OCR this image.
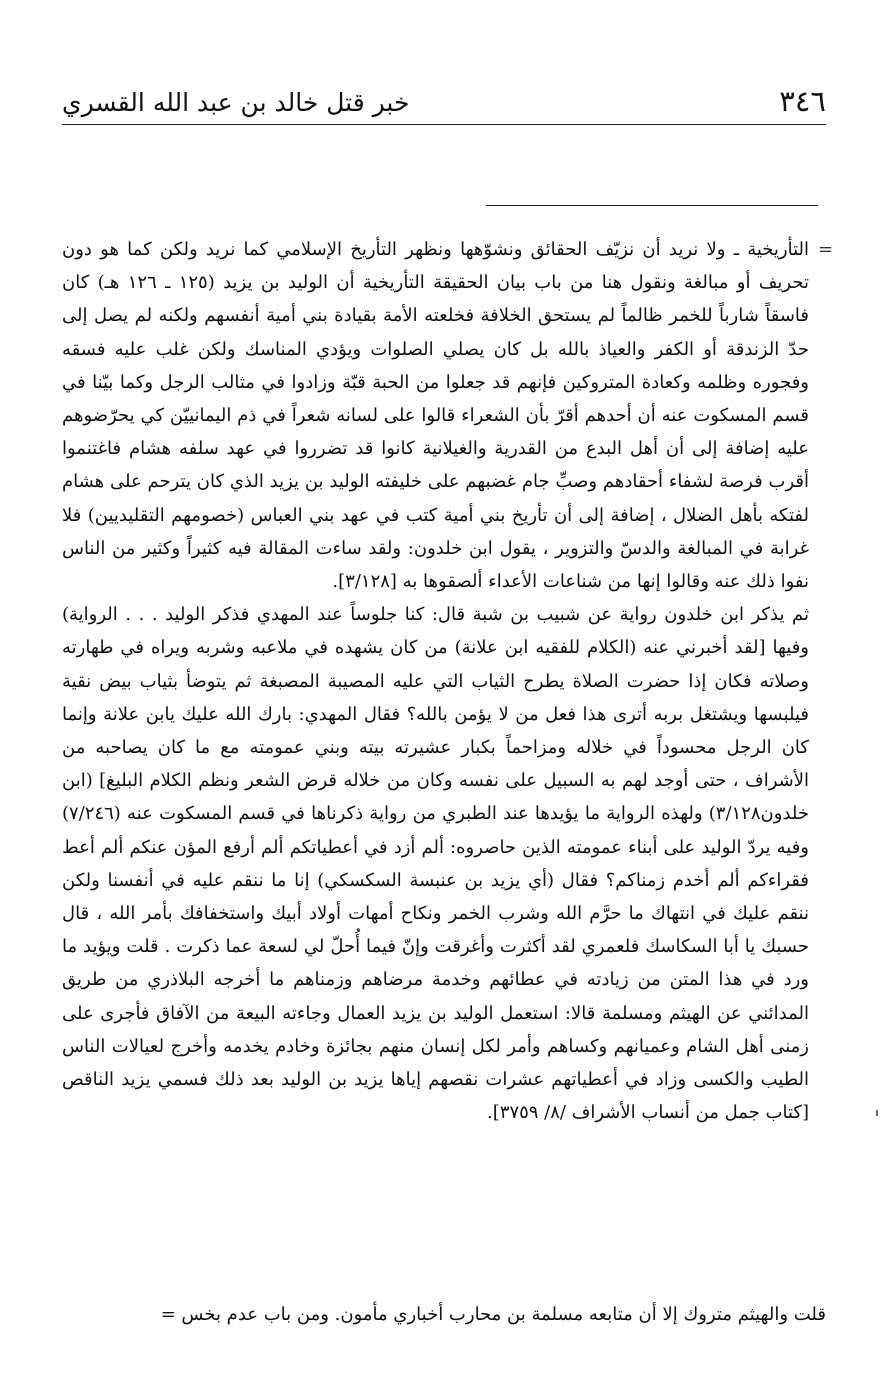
٣٤٦
خبر قتل خالد بن عبد الله القسري
=

التأريخية ـ ولا نريد أن نزيّف الحقائق ونشوّهها ونظهر التأريخ الإسلامي كما نريد ولكن كما هو دون تحريف أو مبالغة ونقول هنا من باب بيان الحقيقة التأريخية أن الوليد بن يزيد (١٢٥ ـ ١٢٦ هـ) كان فاسقاً شارباً للخمر ظالماً لم يستحق الخلافة فخلعته الأمة بقيادة بني أمية أنفسهم ولكنه لم يصل إلى حدّ الزندقة أو الكفر والعياذ بالله بل كان يصلي الصلوات ويؤدي المناسك ولكن غلب عليه فسقه وفجوره وظلمه وكعادة المتروكين فإنهم قد جعلوا من الحبة قبّة وزادوا في مثالب الرجل وكما بيّنا في قسم المسكوت عنه أن أحدهم أقرّ بأن الشعراء قالوا على لسانه شعراً في ذم اليمانييّن كي يحرّضوهم عليه إضافة إلى أن أهل البدع من القدرية والغيلانية كانوا قد تضرروا في عهد سلفه هشام فاغتنموا أقرب فرصة لشفاء أحقادهم وصبِّ جام غضبهم على خليفته الوليد بن يزيد الذي كان يترحم على هشام لفتكه بأهل الضلال ، إضافة إلى أن تأريخ بني أمية كتب في عهد بني العباس (خصومهم التقليديين) فلا غرابة في المبالغة والدسّ والتزوير ، يقول ابن خلدون: ولقد ساءت المقالة فيه كثيراً وكثير من الناس نفوا ذلك عنه وقالوا إنها من شناعات الأعداء ألصقوها به [٣/١٢٨].

ثم يذكر ابن خلدون رواية عن شبيب بن شبة قال: كنا جلوساً عند المهدي فذكر الوليد . . . الرواية) وفيها [لقد أخبرني عنه (الكلام للفقيه ابن علانة) من كان يشهده في ملاعبه وشربه ويراه في طهارته وصلاته فكان إذا حضرت الصلاة يطرح الثياب التي عليه المصيبة المصبغة ثم يتوضأ بثياب بيض نقية فيلبسها ويشتغل بربه أترى هذا فعل من لا يؤمن بالله؟ فقال المهدي: بارك الله عليك يابن علانة وإنما كان الرجل محسوداً في خلاله ومزاحماً بكبار عشيرته بيته وبني عمومته مع ما كان يصاحبه من الأشراف ، حتى أوجد لهم به السبيل على نفسه وكان من خلاله قرض الشعر ونظم الكلام البليغ] (ابن خلدون٣/١٢٨) ولهذه الرواية ما يؤيدها عند الطبري من رواية ذكرناها في قسم المسكوت عنه (٧/٢٤٦) وفيه يردّ الوليد على أبناء عمومته الذين حاصروه: ألم أزد في أعطياتكم ألم أرفع المؤن عنكم ألم أعط فقراءكم ألم أخدم زمناكم؟ فقال (أي يزيد بن عنبسة السكسكي) إنا ما ننقم عليه في أنفسنا ولكن ننقم عليك في انتهاك ما حرَّم الله وشرب الخمر ونكاح أمهات أولاد أبيك واستخفافك بأمر الله ، قال حسبك يا أبا السكاسك فلعمري لقد أكثرت وأغرقت وإنّ فيما أُحلّ لي لسعة عما ذكرت . قلت ويؤيد ما ورد في هذا المتن من زيادته في عطائهم وخدمة مرضاهم وزمناهم ما أخرجه البلاذري من طريق المدائني عن الهيثم ومسلمة قالا: استعمل الوليد بن يزيد العمال وجاءته البيعة من الآفاق فأجرى على زمنى أهل الشام وعميانهم وكساهم وأمر لكل إنسان منهم بجائزة وخادم يخدمه وأخرج لعيالات الناس الطيب والكسى وزاد في أعطياتهم عشرات نقصهم إياها يزيد بن الوليد بعد ذلك فسمي يزيد الناقص [كتاب جمل من أنساب الأشراف /٨/ ٣٧٥٩].

قلت والهيثم متروك إلا أن متابعه مسلمة بن محارب أخباري مأمون. ومن باب عدم بخس =
